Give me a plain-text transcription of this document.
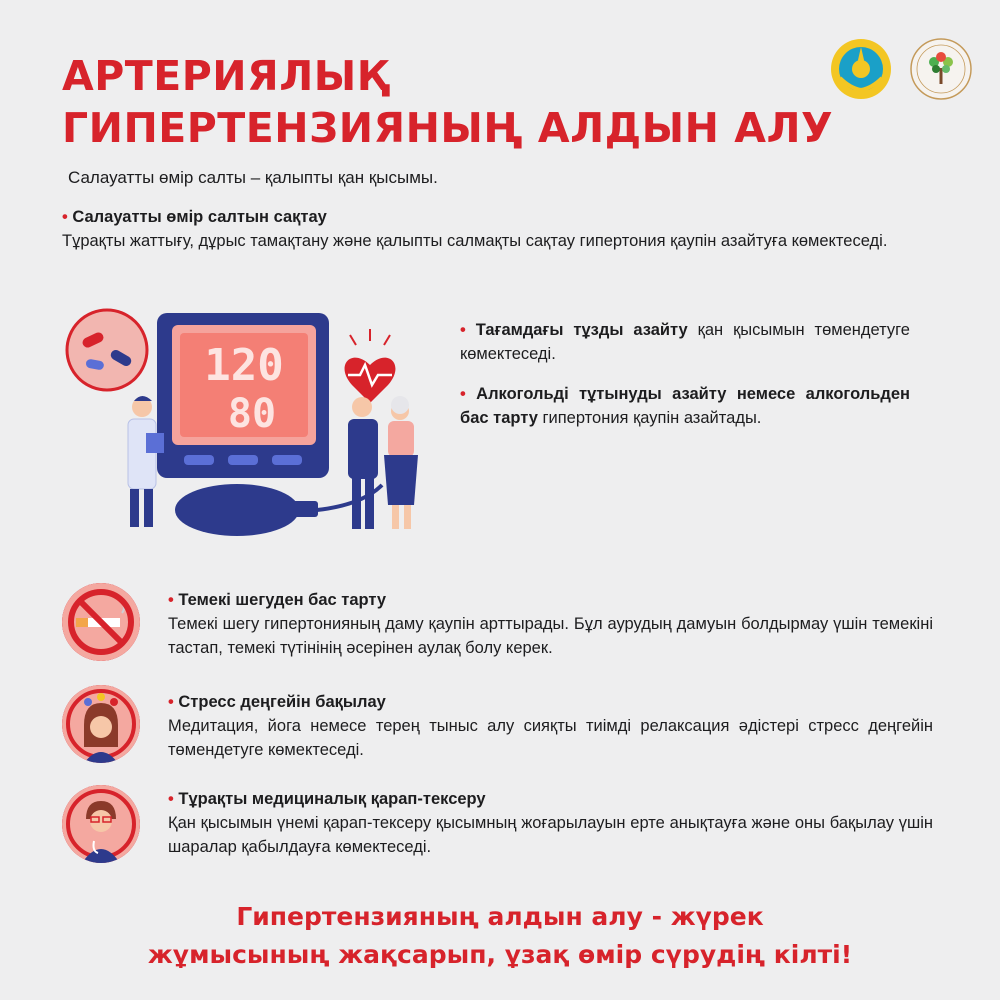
АРТЕРИЯЛЫҚ
ГИПЕРТЕНЗИЯНЫҢ АЛДЫН АЛУ
Салауатты өмір салты – қалыпты қан қысымы.
• Салауатты өмір салтын сақтау
Тұрақты жаттығу, дұрыс тамақтану және қалыпты салмақты сақтау гипертония қаупін азайтуға көмектеседі.
120
80
• Тағамдағы тұзды азайту қан қысымын төмендетуге көмектеседі.
• Алкогольді тұтынуды азайту немесе алкогольден бас тарту гипертония қаупін азайтады.
• Темекі шегуден бас тарту
Темекі шегу гипертонияның даму қаупін арттырады. Бұл аурудың дамуын болдырмау үшін темекіні тастап, темекі түтінінің әсерінен аулақ болу керек.
• Стресс деңгейін бақылау
Медитация, йога немесе терең тыныс алу сияқты тиімді релаксация әдістері стресс деңгейін төмендетуге көмектеседі.
• Тұрақты медициналық қарап-тексеру
Қан қысымын үнемі қарап-тексеру қысымның жоғарылауын ерте анықтауға және оны бақылау үшін шаралар қабылдауға көмектеседі.
Гипертензияның алдын алу - жүрек
жұмысының жақсарып, ұзақ өмір сүрудің кілті!
